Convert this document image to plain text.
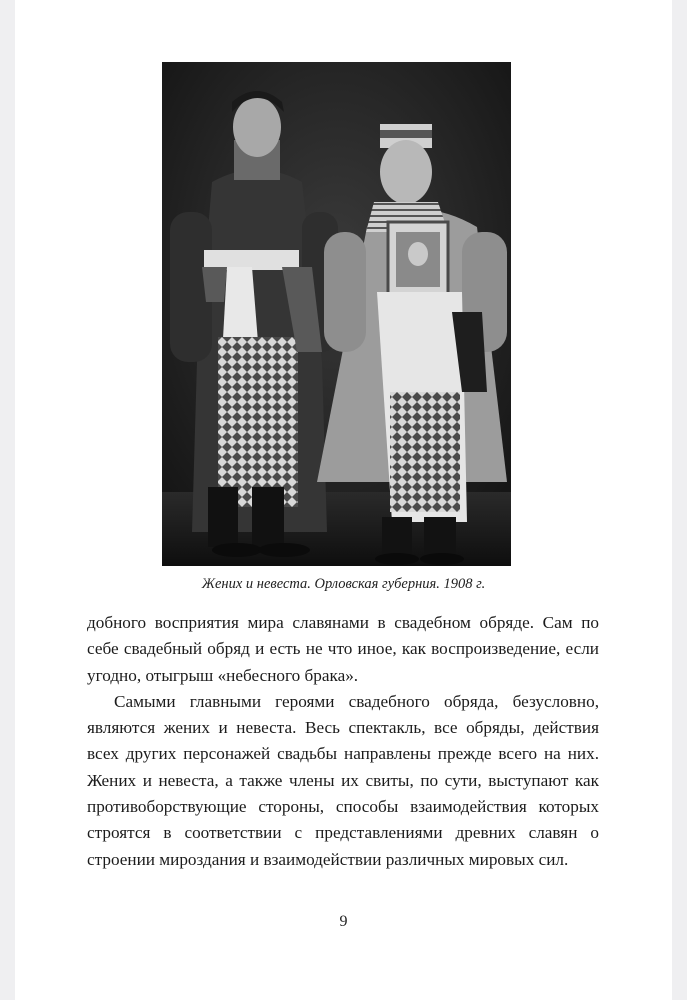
Жених и невеста. Орловская губерния. 1908 г.

добного восприятия мира славянами в свадебном обряде. Сам по себе свадебный обряд и есть не что иное, как воспроизведение, если угодно, отыгрыш «небесного брака».

Самыми главными героями свадебного обряда, безусловно, являются жених и невеста. Весь спектакль, все обряды, действия всех других персонажей свадьбы направлены прежде всего на них. Жених и невеста, а также члены их свиты, по сути, выступают как противоборствующие стороны, способы взаимодействия которых строятся в соответствии с представлениями древних славян о строении мироздания и взаимодействии различных мировых сил.

9
